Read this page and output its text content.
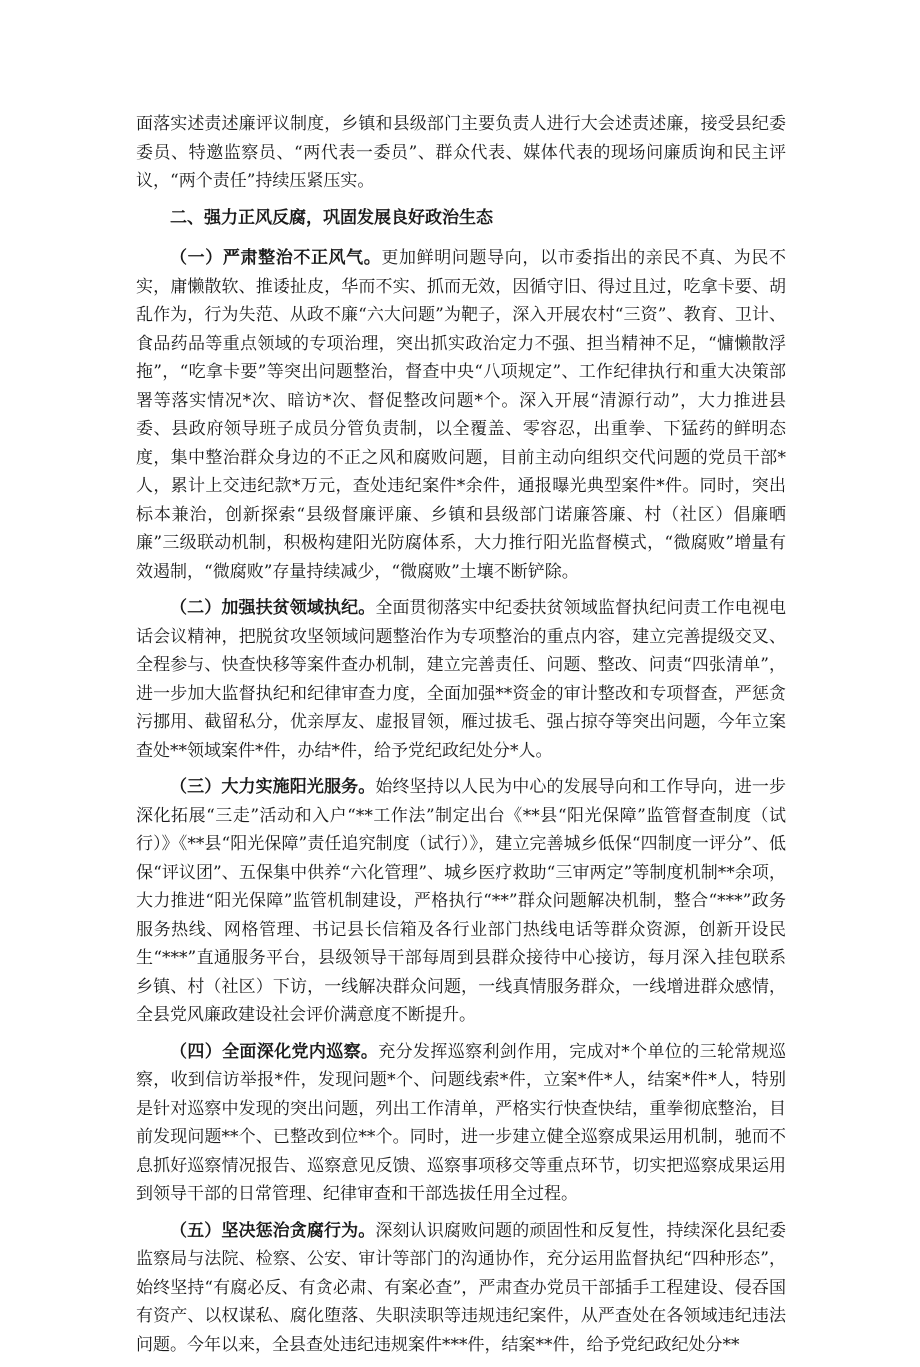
面落实述责述廉评议制度，乡镇和县级部门主要负责人进行大会述责述廉，接受县纪委委员、特邀监察员、“两代表一委员”、群众代表、媒体代表的现场问廉质询和民主评议，“两个责任”持续压紧压实。

二、强力正风反腐，巩固发展良好政治生态

（一）严肃整治不正风气。更加鲜明问题导向，以市委指出的亲民不真、为民不实，庸懒散软、推诿扯皮，华而不实、抓而无效，因循守旧、得过且过，吃拿卡要、胡乱作为，行为失范、从政不廉“六大问题”为靶子，深入开展农村“三资”、教育、卫计、食品药品等重点领域的专项治理，突出抓实政治定力不强、担当精神不足，“慵懒散浮拖”，“吃拿卡要”等突出问题整治，督查中央“八项规定”、工作纪律执行和重大决策部署等落实情况*次、暗访*次、督促整改问题*个。深入开展“清源行动”，大力推进县委、县政府领导班子成员分管负责制，以全覆盖、零容忍，出重拳、下猛药的鲜明态度，集中整治群众身边的不正之风和腐败问题，目前主动向组织交代问题的党员干部*人，累计上交违纪款*万元，查处违纪案件*余件，通报曝光典型案件*件。同时，突出标本兼治，创新探索“县级督廉评廉、乡镇和县级部门诺廉答廉、村（社区）倡廉晒廉”三级联动机制，积极构建阳光防腐体系，大力推行阳光监督模式，“微腐败”增量有效遏制，“微腐败”存量持续减少，“微腐败”土壤不断铲除。

（二）加强扶贫领域执纪。全面贯彻落实中纪委扶贫领域监督执纪问责工作电视电话会议精神，把脱贫攻坚领域问题整治作为专项整治的重点内容，建立完善提级交叉、全程参与、快查快移等案件查办机制，建立完善责任、问题、整改、问责“四张清单”，进一步加大监督执纪和纪律审查力度，全面加强**资金的审计整改和专项督查，严惩贪污挪用、截留私分，优亲厚友、虚报冒领，雁过拔毛、强占掠夺等突出问题，今年立案查处**领域案件*件，办结*件，给予党纪政纪处分*人。

（三）大力实施阳光服务。始终坚持以人民为中心的发展导向和工作导向，进一步深化拓展“三走”活动和入户“**工作法”制定出台《**县“阳光保障”监管督查制度（试行）》《**县“阳光保障”责任追究制度（试行）》，建立完善城乡低保“四制度一评分”、低保“评议团”、五保集中供养“六化管理”、城乡医疗救助“三审两定”等制度机制**余项，大力推进“阳光保障”监管机制建设，严格执行“**”群众问题解决机制，整合“***”政务服务热线、网格管理、书记县长信箱及各行业部门热线电话等群众资源，创新开设民生“***”直通服务平台，县级领导干部每周到县群众接待中心接访，每月深入挂包联系乡镇、村（社区）下访，一线解决群众问题，一线真情服务群众，一线增进群众感情，全县党风廉政建设社会评价满意度不断提升。

（四）全面深化党内巡察。充分发挥巡察利剑作用，完成对*个单位的三轮常规巡察，收到信访举报*件，发现问题*个、问题线索*件，立案*件*人，结案*件*人，特别是针对巡察中发现的突出问题，列出工作清单，严格实行快查快结，重拳彻底整治，目前发现问题**个、已整改到位**个。同时，进一步建立健全巡察成果运用机制，驰而不息抓好巡察情况报告、巡察意见反馈、巡察事项移交等重点环节，切实把巡察成果运用到领导干部的日常管理、纪律审查和干部选拔任用全过程。

（五）坚决惩治贪腐行为。深刻认识腐败问题的顽固性和反复性，持续深化县纪委监察局与法院、检察、公安、审计等部门的沟通协作，充分运用监督执纪“四种形态”，始终坚持“有腐必反、有贪必肃、有案必查”，严肃查办党员干部插手工程建设、侵吞国有资产、以权谋私、腐化堕落、失职渎职等违规违纪案件，从严查处在各领域违纪违法问题。今年以来，全县查处违纪违规案件***件，结案**件，给予党纪政纪处分**
